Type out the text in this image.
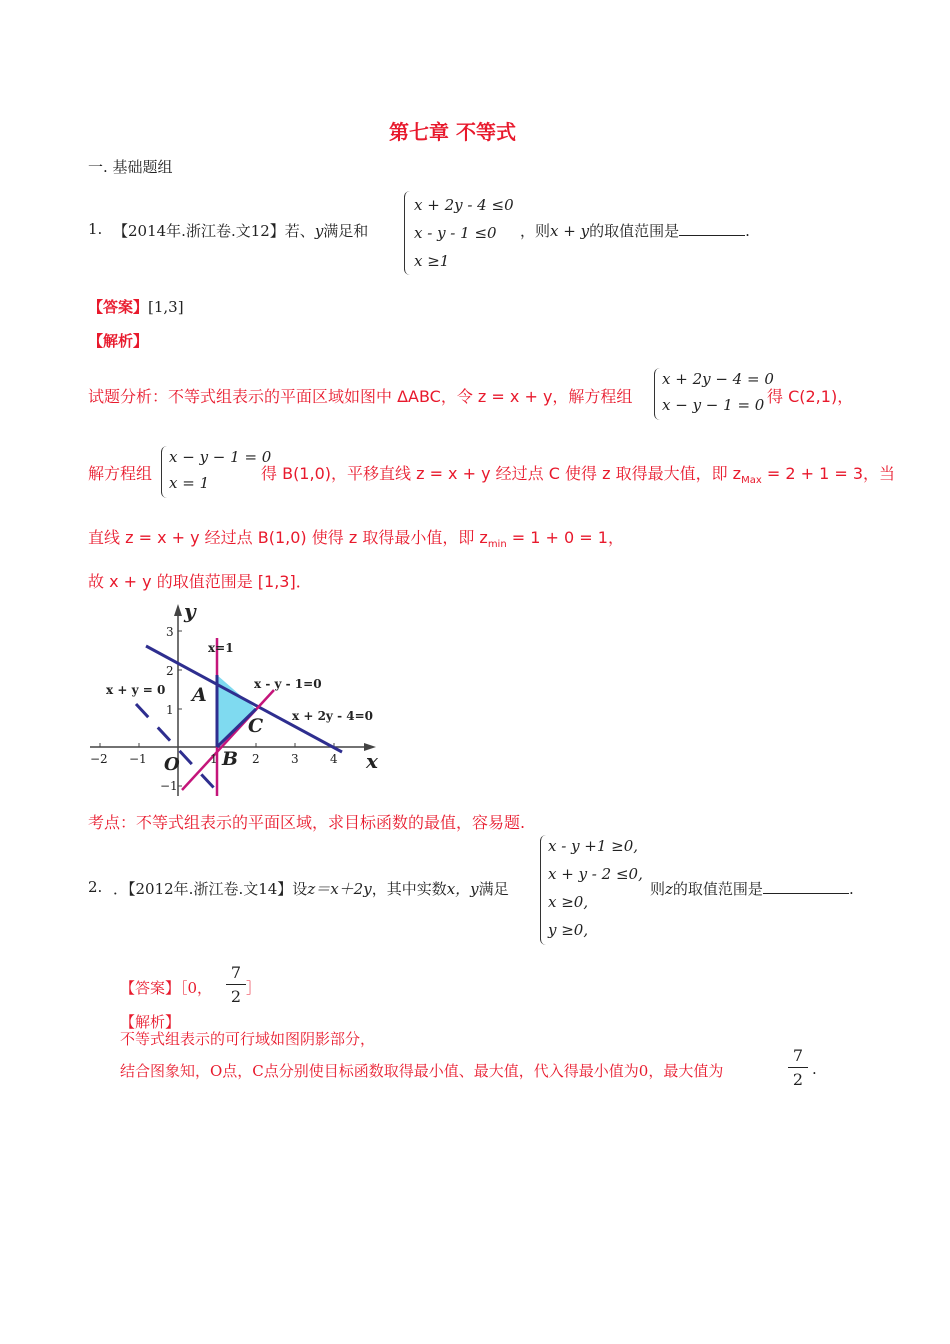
第七章 不等式
一. 基础题组
1. 【2014年.浙江卷.文12】若、y满足和
x + 2y - 4 ≤0
x - y - 1 ≤0
x ≥1
，则x + y的取值范围是	.
【答案】[1,3]
【解析】
试题分析：不等式组表示的平面区域如图中 ΔABC，令 z = x + y，解方程组
x + 2y − 4 = 0
x − y − 1 = 0 得 C(2,1)，
解方程组
x − y − 1 = 0
x = 1	得 B(1,0)，平移直线 z = x + y 经过点 C 使得 z 取得最大值，即 $z_{Max} = 2 + 1 = 3$，当
直线 z = x + y 经过点 B(1,0) 使得 z 取得最小值，即 $z_{min} = 1 + 0 = 1$，
故 x + y 的取值范围是 [1,3]．
−2 −1 O	1	2	3	4
3
2
1
−1
x
y
A
B
C
x=1
x + y = 0	x - y - 1=0
x + 2y - 4=0
考点：不等式组表示的平面区域，求目标函数的最值，容易题.
2. ．【2012年.浙江卷.文14】设z＝x＋2y，其中实数x，y满足
x - y +1 ≥0,
x + y - 2 ≤0,
x ≥0,
y ≥0,
则z的取值范围是	.
【答案】［0，
7
2 ］
【解析】
不等式组表示的可行域如图阴影部分，
结合图象知，O点，C点分别使目标函数取得最小值、最大值，代入得最小值为0，最大值为
7
2
.
